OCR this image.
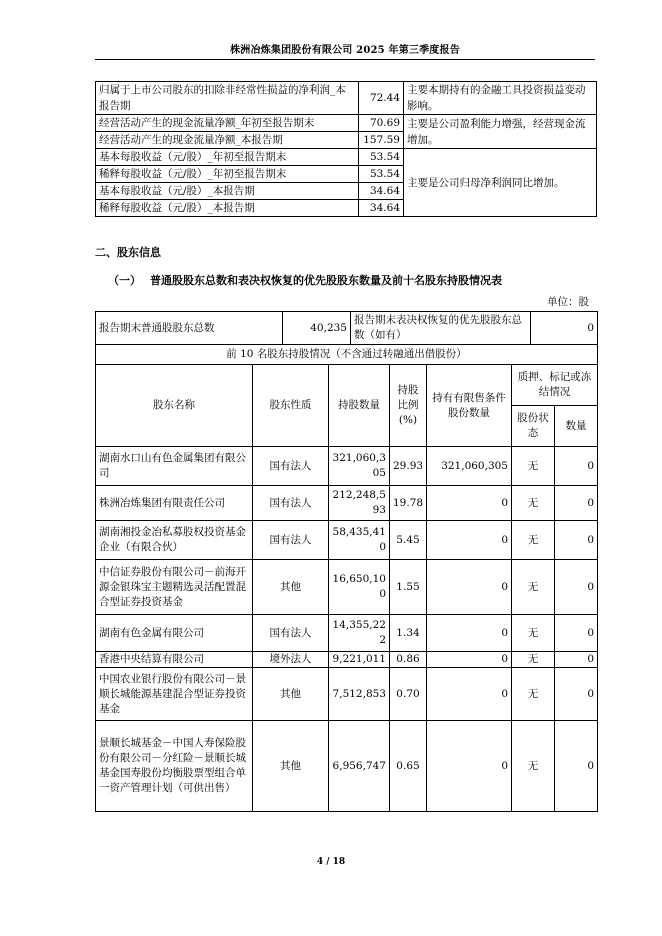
株洲冶炼集团股份有限公司 2025 年第三季度报告
归属于上市公司股东的扣除非经常性损益的净利润_本报告期	72.44	主要本期持有的金融工具投资损益变动影响。
经营活动产生的现金流量净额_年初至报告期末	70.69	主要是公司盈利能力增强，经营现金流增加。
经营活动产生的现金流量净额_本报告期	157.59	
基本每股收益（元/股）_年初至报告期末	53.54	主要是公司归母净利润同比增加。
稀释每股收益（元/股）_年初至报告期末	53.54	
基本每股收益（元/股）_本报告期	34.64	
稀释每股收益（元/股）_本报告期	34.64	
二、股东信息
（一） 普通股股东总数和表决权恢复的优先股股东数量及前十名股东持股情况表
单位：股
报告期末普通股股东总数	40,235	报告期末表决权恢复的优先股股东总数（如有）	0
前 10 名股东持股情况（不含通过转融通出借股份）						
股东名称	股东性质	持股数量	持股比例(%)	持有有限售条件股份数量	质押、标记或冻结情况	
					股份状态	数量
湖南水口山有色金属集团有限公司	国有法人	321,060,305	29.93	321,060,305	无	0
株洲冶炼集团有限责任公司	国有法人	212,248,593	19.78	0	无	0
湖南湘投金冶私募股权投资基金企业（有限合伙）	国有法人	58,435,410	5.45	0	无	0
中信证券股份有限公司－前海开源金银珠宝主题精选灵活配置混合型证券投资基金	其他	16,650,100	1.55	0	无	0
湖南有色金属有限公司	国有法人	14,355,222	1.34	0	无	0
香港中央结算有限公司	境外法人	9,221,011	0.86	0	无	0
中国农业银行股份有限公司－景顺长城能源基建混合型证券投资基金	其他	7,512,853	0.70	0	无	0
景顺长城基金－中国人寿保险股份有限公司－分红险－景顺长城基金国寿股份均衡股票型组合单一资产管理计划（可供出售）	其他	6,956,747	0.65	0	无	0
4 / 18
